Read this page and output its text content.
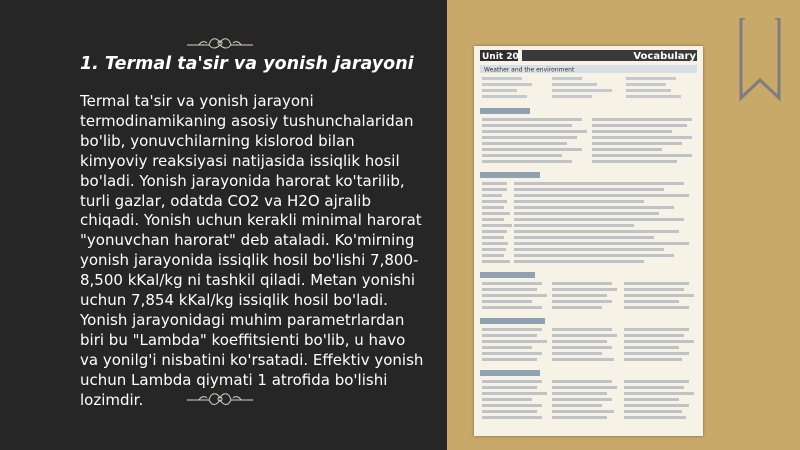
1. Termal ta'sir va yonish jarayoni
Termal ta'sir va yonish jarayoni termodinamikaning asosiy tushunchalaridan bo'lib, yonuvchilarning kislorod bilan kimyoviy reaksiyasi natijasida issiqlik hosil bo'ladi. Yonish jarayonida harorat ko'tarilib, turli gazlar, odatda CO2 va H2O ajralib chiqadi. Yonish uchun kerakli minimal harorat "yonuvchan harorat" deb ataladi. Ko'mirning yonish jarayonida issiqlik hosil bo'lishi 7,800-8,500 kKal/kg ni tashkil qiladi. Metan yonishi uchun 7,854 kKal/kg issiqlik hosil bo'ladi. Yonish jarayonidagi muhim parametrlardan biri bu "Lambda" koeffitsienti bo'lib, u havo va yonilg'i nisbatini ko'rsatadi. Effektiv yonish uchun Lambda qiymati 1 atrofida bo'lishi lozimdir.
Unit 20	Vocabulary
Weather and the environment
